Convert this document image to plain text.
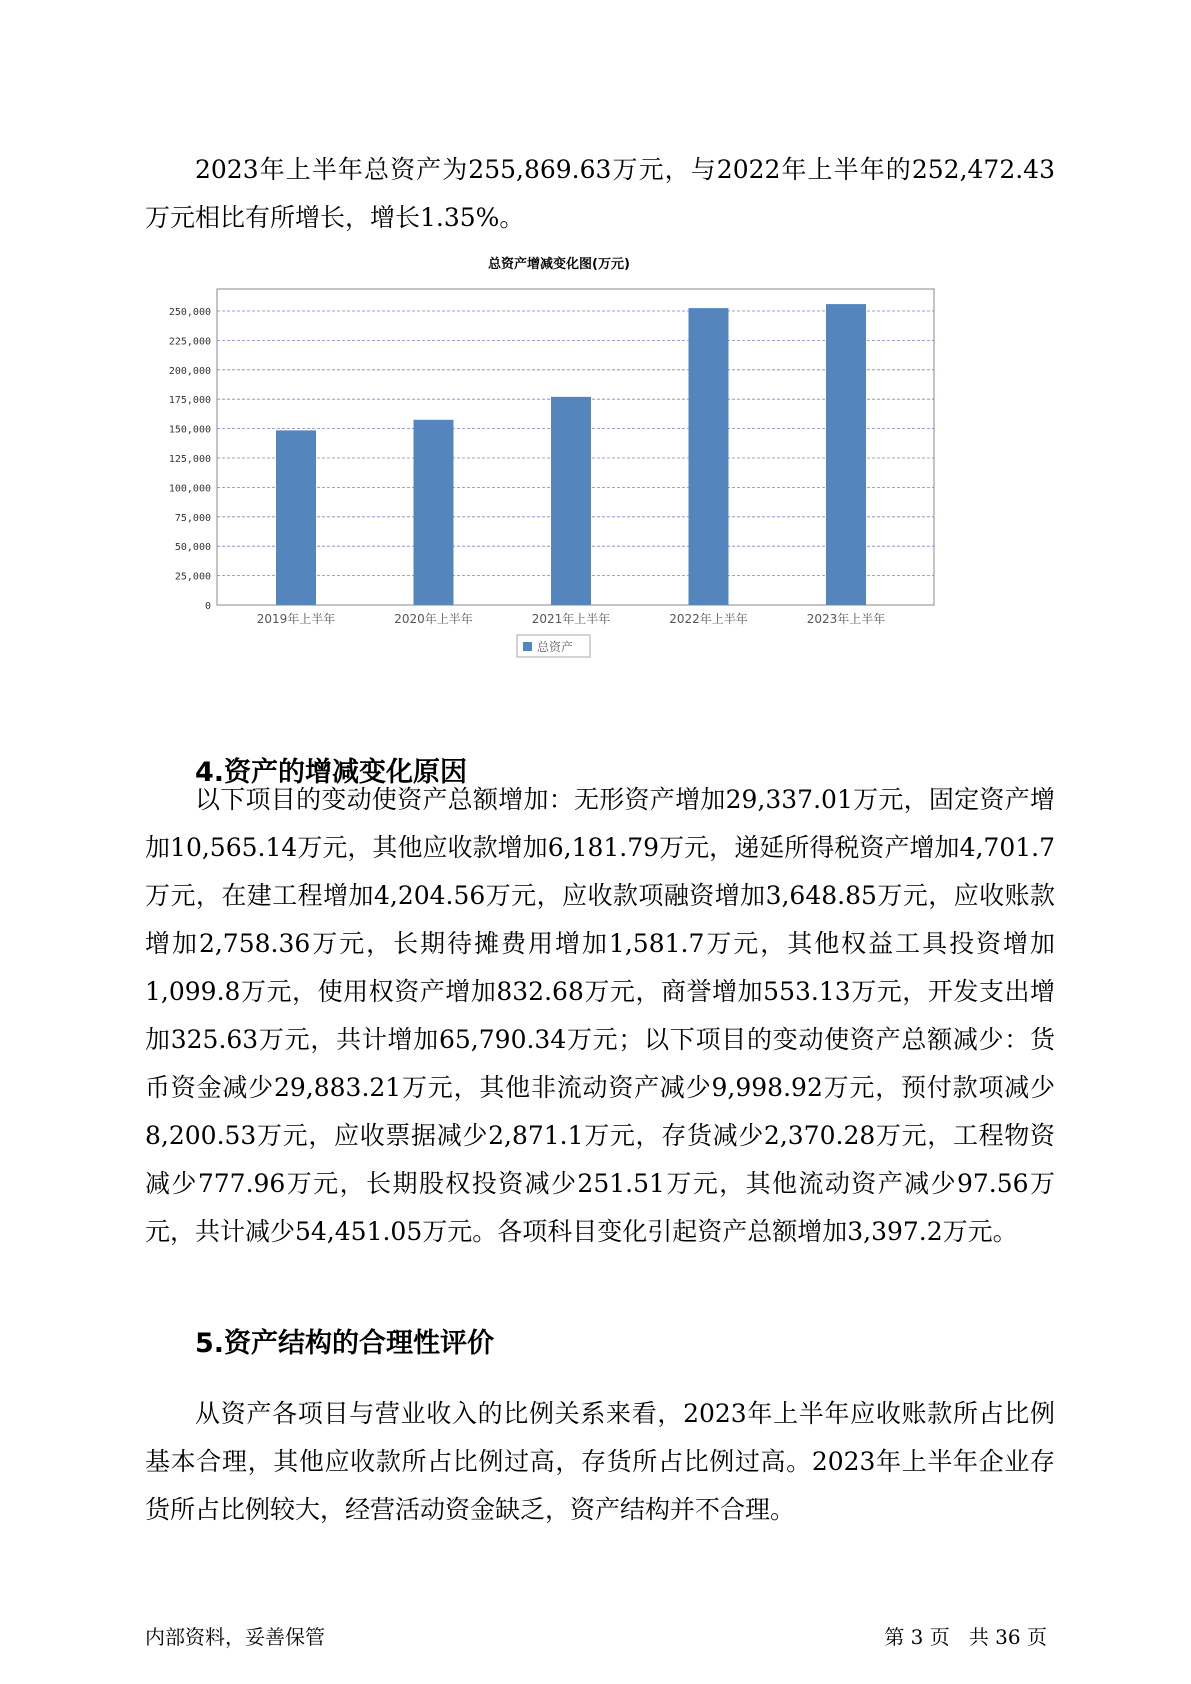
2023年上半年总资产为255,869.63万元，与2022年上半年的252,472.43万元相比有所增长，增长1.35%。

总资产增减变化图(万元)
0
25,000
50,000
75,000
100,000
125,000
150,000
175,000
200,000
225,000
250,000
2019年上半年	2020年上半年	2021年上半年	2022年上半年	2023年上半年
总资产
4.资产的增减变化原因

以下项目的变动使资产总额增加：无形资产增加29,337.01万元，固定资产增加10,565.14万元，其他应收款增加6,181.79万元，递延所得税资产增加4,701.7万元，在建工程增加4,204.56万元，应收款项融资增加3,648.85万元，应收账款增加2,758.36万元，长期待摊费用增加1,581.7万元，其他权益工具投资增加1,099.8万元，使用权资产增加832.68万元，商誉增加553.13万元，开发支出增加325.63万元，共计增加65,790.34万元；以下项目的变动使资产总额减少：货币资金减少29,883.21万元，其他非流动资产减少9,998.92万元，预付款项减少8,200.53万元，应收票据减少2,871.1万元，存货减少2,370.28万元，工程物资减少777.96万元，长期股权投资减少251.51万元，其他流动资产减少97.56万元，共计减少54,451.05万元。各项科目变化引起资产总额增加3,397.2万元。

5.资产结构的合理性评价

从资产各项目与营业收入的比例关系来看，2023年上半年应收账款所占比例基本合理，其他应收款所占比例过高，存货所占比例过高。2023年上半年企业存货所占比例较大，经营活动资金缺乏，资产结构并不合理。

内部资料，妥善保管	第 3 页   共 36 页
